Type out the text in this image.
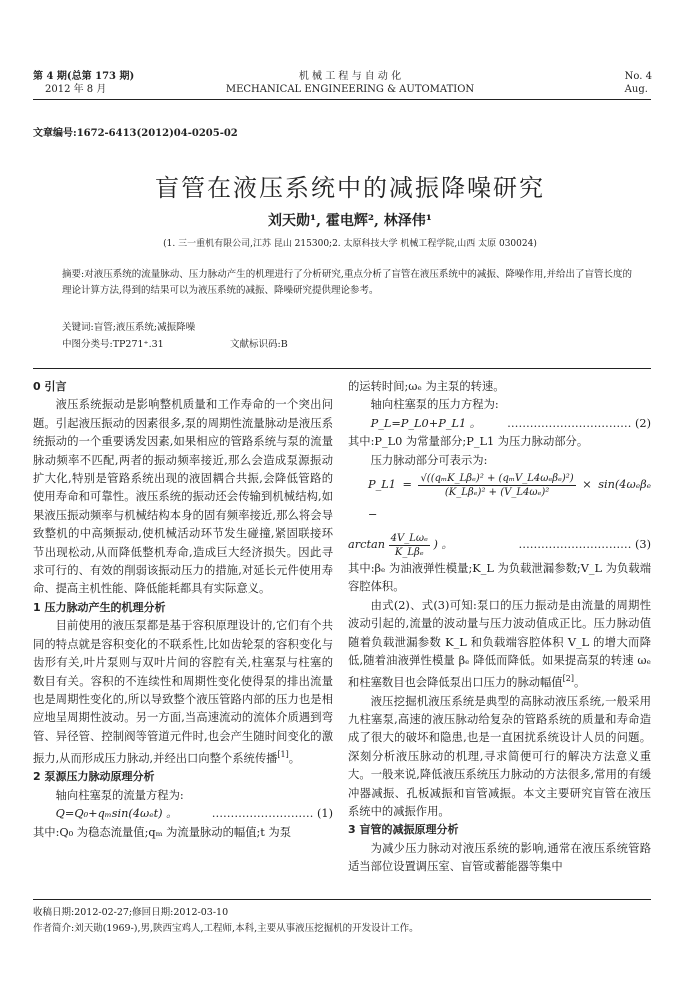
第 4 期(总第 173 期)
2012 年 8 月
机 械 工 程 与 自 动 化
MECHANICAL ENGINEERING & AUTOMATION
No. 4
Aug.
文章编号:1672-6413(2012)04-0205-02
盲管在液压系统中的减振降噪研究
刘天勋¹, 霍电辉², 林泽伟¹
(1. 三一重机有限公司,江苏 昆山 215300;2. 太原科技大学 机械工程学院,山西 太原 030024)
摘要:对液压系统的流量脉动、压力脉动产生的机理进行了分析研究,重点分析了盲管在液压系统中的减振、降噪作用,并给出了盲管长度的理论计算方法,得到的结果可以为液压系统的减振、降噪研究提供理论参考。
关键词:盲管;液压系统;减振降噪
中图分类号:TP271⁺.31	文献标识码:B

0 引言

液压系统振动是影响整机质量和工作寿命的一个突出问题。引起液压振动的因素很多,泵的周期性流量脉动是液压系统振动的一个重要诱发因素,如果相应的管路系统与泵的流量脉动频率不匹配,两者的振动频率接近,那么会造成泵源振动扩大化,特别是管路系统出现的液固耦合共振,会降低管路的使用寿命和可靠性。液压系统的振动还会传输到机械结构,如果液压振动频率与机械结构本身的固有频率接近,那么将会导致整机的中高频振动,使机械活动环节发生碰撞,紧固联接环节出现松动,从而降低整机寿命,造成巨大经济损失。因此寻求可行的、有效的削弱该振动压力的措施,对延长元件使用寿命、提高主机性能、降低能耗都具有实际意义。

1 压力脉动产生的机理分析

目前使用的液压泵都是基于容积原理设计的,它们有个共同的特点就是容积变化的不联系性,比如齿轮泵的容积变化与齿形有关,叶片泵则与双叶片间的容腔有关,柱塞泵与柱塞的数目有关。容积的不连续性和周期性变化使得泵的排出流量也是周期性变化的,所以导致整个液压管路内部的压力也是相应地呈周期性波动。另一方面,当高速流动的流体介质遇到弯管、异径管、控制阀等管道元件时,也会产生随时间变化的激振力,从而形成压力脉动,并经出口向整个系统传播[1]。

2 泵源压力脉动原理分析

轴向柱塞泵的流量方程为:

Q=Q₀+qₘsin(4ωₑt) 。	……………………… (1)

其中:Q₀ 为稳态流量值;qₘ 为流量脉动的幅值;t 为泵

的运转时间;ωₑ 为主泵的转速。

轴向柱塞泵的压力方程为:

P_L=P_L0+P_L1 。	…………………………… (2)

其中:P_L0 为常量部分;P_L1 为压力脉动部分。

压力脉动部分可表示为:

P_L1 = $\frac{\text{√((qₘK\_Lβₑ)² + (qₘV\_L4ωₑβₑ)²)}}{\text{(K\_Lβₑ)² + (V\_L4ωₑ)²}} \times \sin(4\omega_e\beta_e$ −

$\arctan \frac{\text{4V\_Lωₑ}}{\text{K\_Lβₑ}}$ ) 。	………………………… (3)

其中:βₑ 为油液弹性模量;K_L 为负载泄漏参数;V_L 为负载端容腔体积。

由式(2)、式(3)可知:泵口的压力振动是由流量的周期性波动引起的,流量的波动量与压力波动值成正比。压力脉动值随着负载泄漏参数 K_L 和负载端容腔体积 V_L 的增大而降低,随着油液弹性模量 βₑ 降低而降低。如果提高泵的转速 ωₑ 和柱塞数目也会降低泵出口压力的脉动幅值[2]。

液压挖掘机液压系统是典型的高脉动液压系统,一般采用九柱塞泵,高速的液压脉动给复杂的管路系统的质量和寿命造成了很大的破坏和隐患,也是一直困扰系统设计人员的问题。深刻分析液压脉动的机理,寻求简便可行的解决方法意义重大。一般来说,降低液压系统压力脉动的方法很多,常用的有缓冲器减振、孔板减振和盲管减振。本文主要研究盲管在液压系统中的减振作用。

3 盲管的减振原理分析

为减少压力脉动对液压系统的影响,通常在液压系统管路适当部位设置调压室、盲管或蓄能器等集中

收稿日期:2012-02-27;修回日期:2012-03-10
作者简介:刘天勋(1969-),男,陕西宝鸡人,工程师,本科,主要从事液压挖掘机的开发设计工作。
